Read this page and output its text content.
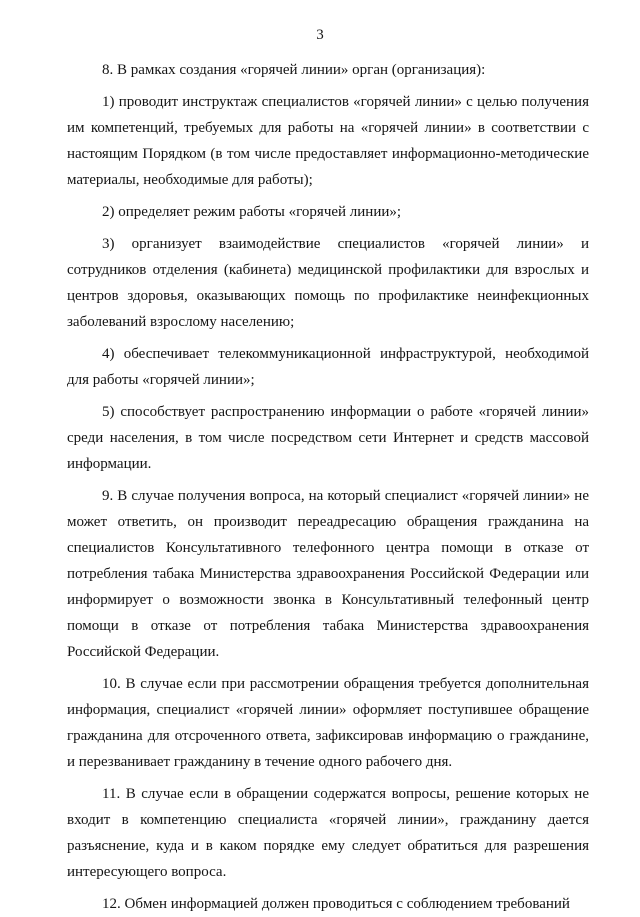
3

8. В рамках создания «горячей линии» орган (организация):

1) проводит инструктаж специалистов «горячей линии» с целью получения им компетенций, требуемых для работы на «горячей линии» в соответствии с настоящим Порядком (в том числе предоставляет информационно-методические материалы, необходимые для работы);

2) определяет режим работы «горячей линии»;

3) организует взаимодействие специалистов «горячей линии» и сотрудников отделения (кабинета) медицинской профилактики для взрослых и центров здоровья, оказывающих помощь по профилактике неинфекционных заболеваний взрослому населению;

4) обеспечивает телекоммуникационной инфраструктурой, необходимой для работы «горячей линии»;

5) способствует распространению информации о работе «горячей линии» среди населения, в том числе посредством сети Интернет и средств массовой информации.

9. В случае получения вопроса, на который специалист «горячей линии» не может ответить, он производит переадресацию обращения гражданина на специалистов Консультативного телефонного центра помощи в отказе от потребления табака Министерства здравоохранения Российской Федерации или информирует о возможности звонка в Консультативный телефонный центр помощи в отказе от потребления табака Министерства здравоохранения Российской Федерации.

10. В случае если при рассмотрении обращения требуется дополнительная информация, специалист «горячей линии» оформляет поступившее обращение гражданина для отсроченного ответа, зафиксировав информацию о гражданине, и перезванивает гражданину в течение одного рабочего дня.

11. В случае если в обращении содержатся вопросы, решение которых не входит в компетенцию специалиста «горячей линии», гражданину дается разъяснение, куда и в каком порядке ему следует обратиться для разрешения интересующего вопроса.

12. Обмен информацией должен проводиться с соблюдением требований
